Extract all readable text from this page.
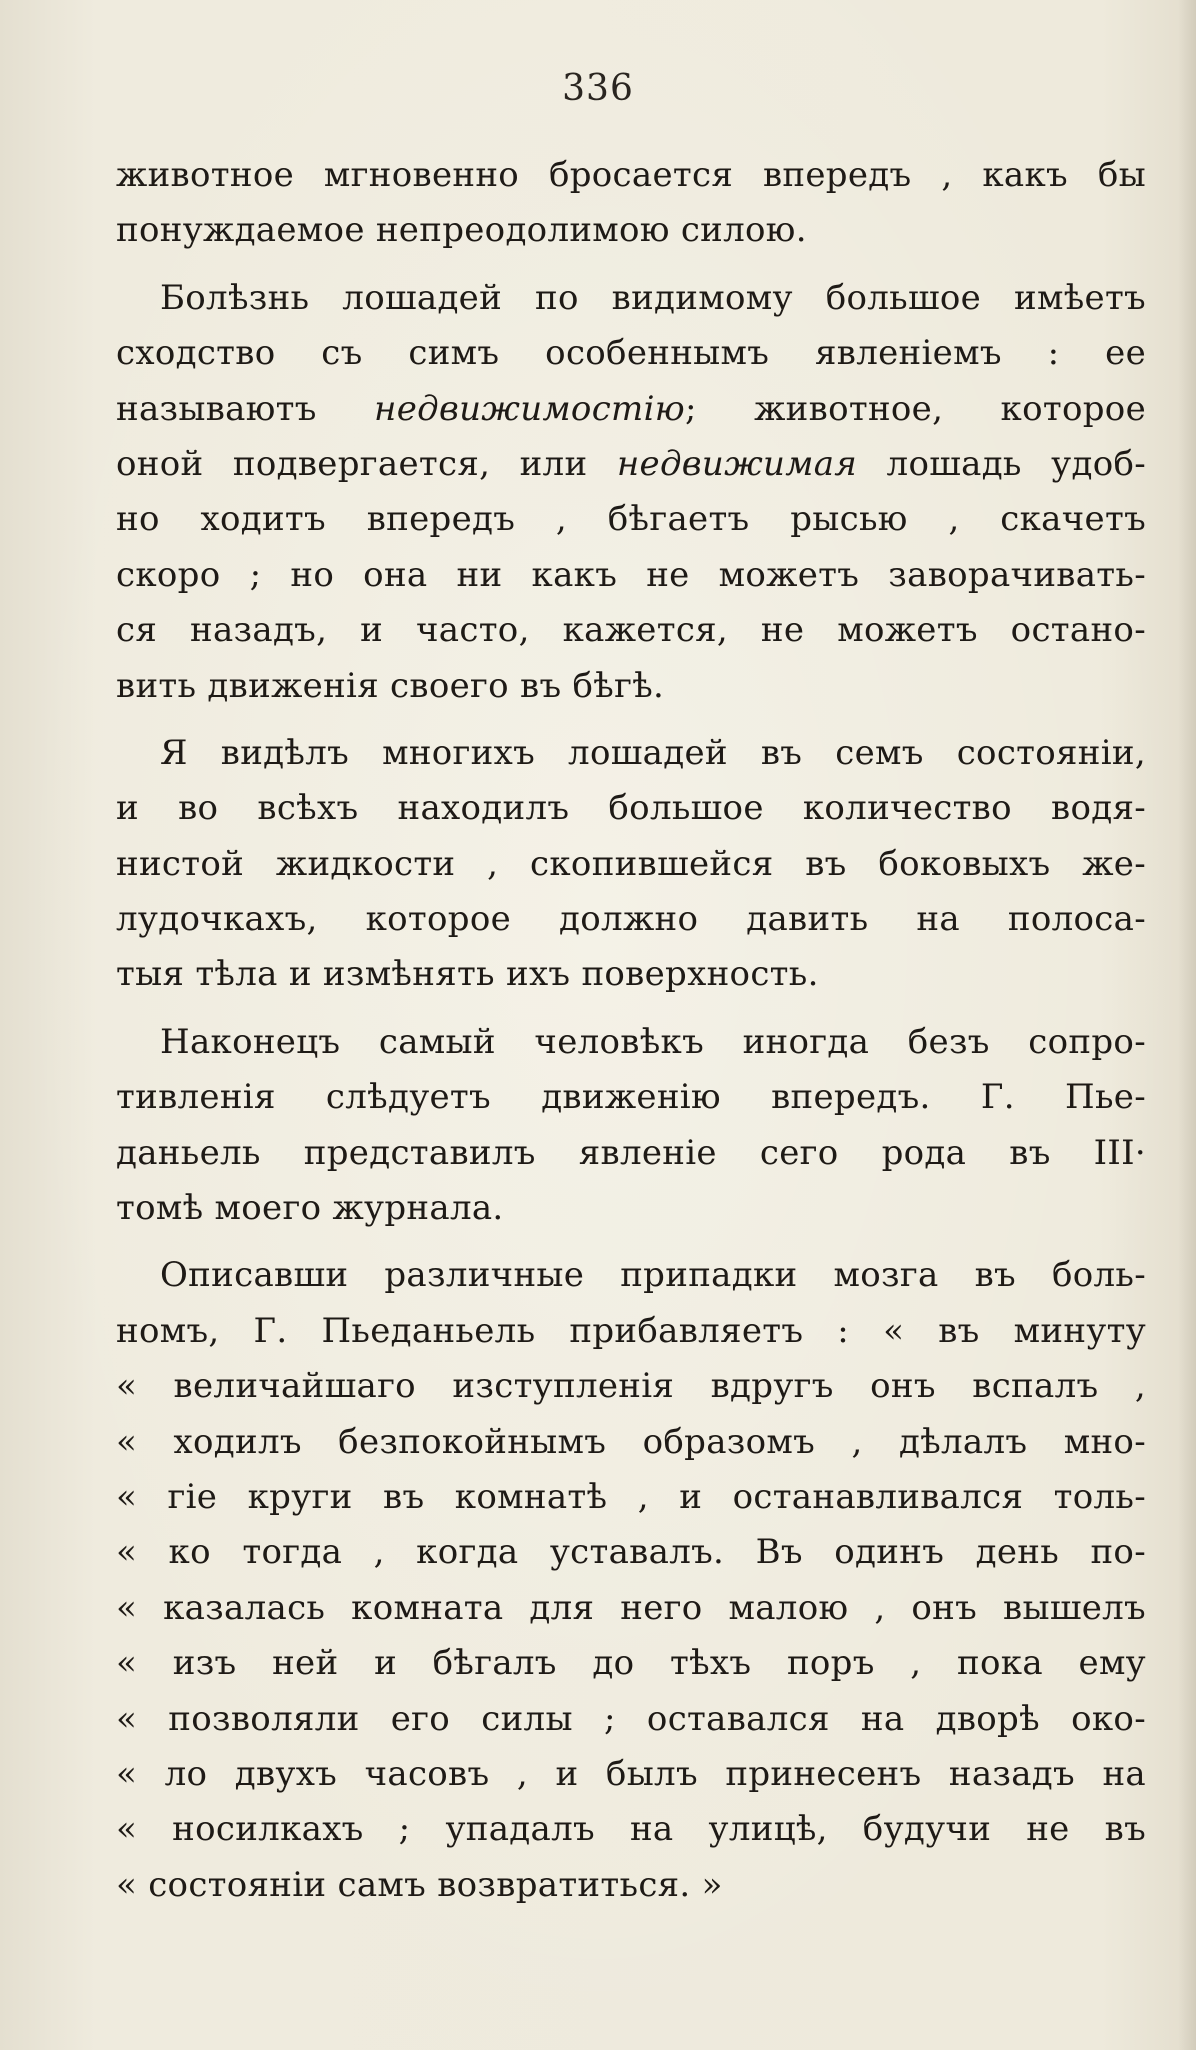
336
животное мгновенно бросается впередъ , какъ бы
понуждаемое непреодолимою силою.
Болѣзнь лошадей по видимому большое имѣетъ
сходство съ симъ особеннымъ явленіемъ : ее
называютъ недвижимостію; животное, которое
оной подвергается, или недвижимая лошадь удоб-
но ходитъ впередъ , бѣгаетъ рысью , скачетъ
скоро ; но она ни какъ не можетъ заворачивать-
ся назадъ, и часто, кажется, не можетъ остано-
вить движенія своего въ бѣгѣ.
Я видѣлъ многихъ лошадей въ семъ состояніи,
и во всѣхъ находилъ большое количество водя-
нистой жидкости , скопившейся въ боковыхъ же-
лудочкахъ, которое должно давить на полоса-
тыя тѣла и измѣнять ихъ поверхность.
Наконецъ самый человѣкъ иногда безъ сопро-
тивленія слѣдуетъ движенію впередъ. Г. Пье-
даньель представилъ явленіе сего рода въ III·
томѣ моего журнала.
Описавши различные припадки мозга въ боль-
номъ, Г. Пьеданьель прибавляетъ : « въ минуту
« величайшаго изступленія вдругъ онъ вспалъ ,
« ходилъ безпокойнымъ образомъ , дѣлалъ мно-
« гіе круги въ комнатѣ , и останавливался толь-
« ко тогда , когда уставалъ. Въ одинъ день по-
« казалась комната для него малою , онъ вышелъ
« изъ ней и бѣгалъ до тѣхъ поръ , пока ему
« позволяли его силы ; оставался на дворѣ око-
« ло двухъ часовъ , и былъ принесенъ назадъ на
« носилкахъ ; упадалъ на улицѣ, будучи не въ
« состояніи самъ возвратиться. »
